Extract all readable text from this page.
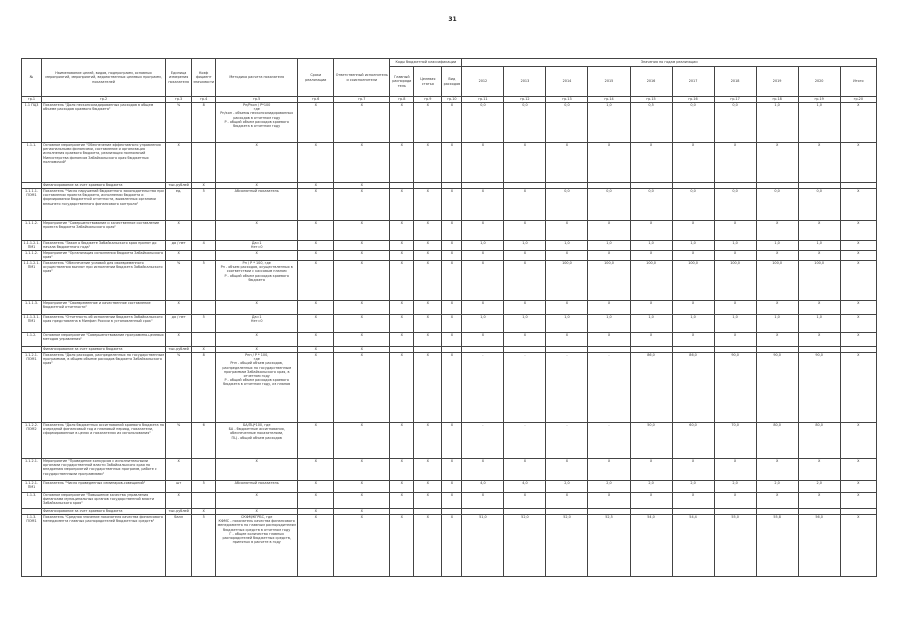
31
№	Наименование целей, видов, подпрограмм, основных мероприятий, мероприятий, ведомственных целевых программ, показателей	Единица измерения показателя	Коэф фициент значимости	Методика расчета показателя	Сроки реализации	Ответственный исполнитель и соисполнители	Коды бюджетной классификации			Значения по годам реализации									
							Главный распорядитель	Целевая статья	Вид расходов	2012	2013	2014	2015	2016	2017	2018	2019	2020	Итого
гр.1	гр.2	гр.3	гр.4	гр.5	гр.6	гр.7	гр.8	гр.9	гр.10	гр.11	гр.12	гр.13	гр.14	гр.15	гр.16	гр.17	гр.18	гр.19	гр.20
1.1 ПЦ3	Показатель "Доля несконсолидированных расходов в общем объеме расходов краевого бюджета"	%	8	Рн/Ркон / Р*100
где
Рн/кон - объемы несконсолидированных расходов в отчетном году
Р - общий объем расходов краевого бюджета в отчетном году	X	X	X	X	X	0,0	0,0	0,0	1,0	0,5	0,0	0,0	1,0	1,0	X
1.1.1.	Основное мероприятие "Обеспечение эффективного управления региональными финансами, составление и организация исполнения краевого бюджета, реализация полномочий Министерства финансов Забайкальского края бюджетных полномочий"	X		X	X	X	X	X	X	X	X	X	X	X	X	X	X	X	X
	Финансирование за счет краевого бюджета	тыс.рублей	X	X	X	X													
1.1.1.1. ПОМ1	Показатель "Число нарушений бюджетного законодательства при составлении проекта бюджета, исполнении бюджета и формировании бюджетной отчетности, выявленных органами внешнего государственного финансового контроля"	ед.	5	Абсолютный показатель	X	X	X	X	X	X	X	0,0	0,0	0,0	0,0	0,0	0,0	0,0	X
1.1.1.2.	Мероприятие "Совершенствование и качественное составление проекта бюджета Забайкальского края"	X		X	X	X	X	X	X	X	X	X	X	X	X	X	X	X	X
1.1.1.2.1. ПМ1	Показатель "Закон о бюджете Забайкальского края принят до начала бюджетного года"	да / нет	4	Да=1
Нет=0	X	X	X	X	X	1,0	1,0	1,0	1,0	1,0	1,0	1,0	1,0	1,0	X
1.1.1.2.	Мероприятие "Организация исполнения бюджета Забайкальского края"	X		X	X	X	X	X	X	X	X	X	X	X	X	X	X	X	X
1.1.1.2.1. ПМ1	Показатель "Обеспечение условий для своевременного осуществления выплат при исполнении бюджета Забайкальского края"	%	5	Рп / Р * 100, где
Рп - объем расходов, осуществленных в соответствии с кассовым планом
Р - общий объем расходов краевого бюджета	X	X	X	X	X	X	X	100,0	100,0	100,0	100,0	100,0	100,0	100,0	X
1.1.1.3.	Мероприятие "Своевременное и качественное составление бюджетной отчетности"	X		X	X	X	X	X	X	X	X	X	X	X	X	X	X	X	X
1.1.1.3.1. ПМ1	Показатель "Отчетность об исполнении бюджета Забайкальского края представлена в Минфин России в установленный срок"	да / нет	5	Да=1
Нет=0	X	X	X	X	X	1,0	1,0	1,0	1,0	1,0	1,0	1,0	1,0	1,0	X
1.1.2.	Основное мероприятие "Совершенствование программно-целевых методов управления"	X		X	X	X	X	X	X	X	X	X	X	X	X	X	X	X	X
	Финансирование за счет краевого бюджета	тыс.рублей	X	X	X	X													
1.1.2.1. ПОМ1	Показатель "Доля расходов, распределенных по государственным программам, в общем объеме расходов бюджета Забайкальского края"	%	8	Рпп / Р * 100,
где
Рпп - общий объем расходов, распределенных по государственным программам Забайкальского края, в отчетном году
Р - общий объем расходов краевого бюджета в отчетном году, из планов	X	X	X	X	X	-	-	-	-	86,0	86,0	90,0	90,0	90,0	X
1.1.2.2. ПОМ2	Показатель "Доля бюджетных ассигнований краевого бюджета на очередной финансовый год и плановый период, показатели, сформированные в целях и показателях их использования"	%	6	БА/ПЦ*100, где
БА - бюджетные ассигнования, обеспеченные показателями,
ПЦ - общий объем расходов	X	X	X	X	X	-	-	-	-	50,0	60,0	70,0	80,0	80,0	X
1.1.2.1.	Мероприятие "Проведение конкурсов с исполнительными органами государственной власти Забайкальского края по внедрению мероприятий государственных программ, работе с государственными программами"	X		X	X	X	X	X	X	X	X	X	X	X	X	X	X	X	X
1.1.2.1. ПМ1	Показатель "Число проведенных семинаров-совещаний"	шт	5	Абсолютный показатель	X	X	X	X	X	4,0	4,0	2,0	2,0	2,0	2,0	2,0	2,0	2,0	X
1.1.3.	Основное мероприятие "Повышение качества управления финансами муниципальных органов государственной власти Забайкальского края"	X		X	X	X	X	X	X	X	X	X	X	X	X	X	X	X	X
	Финансирование за счет краевого бюджета	тыс.рублей	X	X	X	X													
1.1.3. ПОМ1	Показатель "Средняя значение показателя качества финансового менеджмента главных распорядителей бюджетных средств"	балл	5	СКФМ/КГРБС, где
КФМС - показатель качества финансового менеджмента по главным распорядителям бюджетных средств в отчетном году
Г - общее количество главных распорядителей бюджетных средств, принятых в расчете в году	X	X	X	X	X	51,0	52,0	52,0	52,5	54,0	54,4	55,0	55,8	56,0	X
